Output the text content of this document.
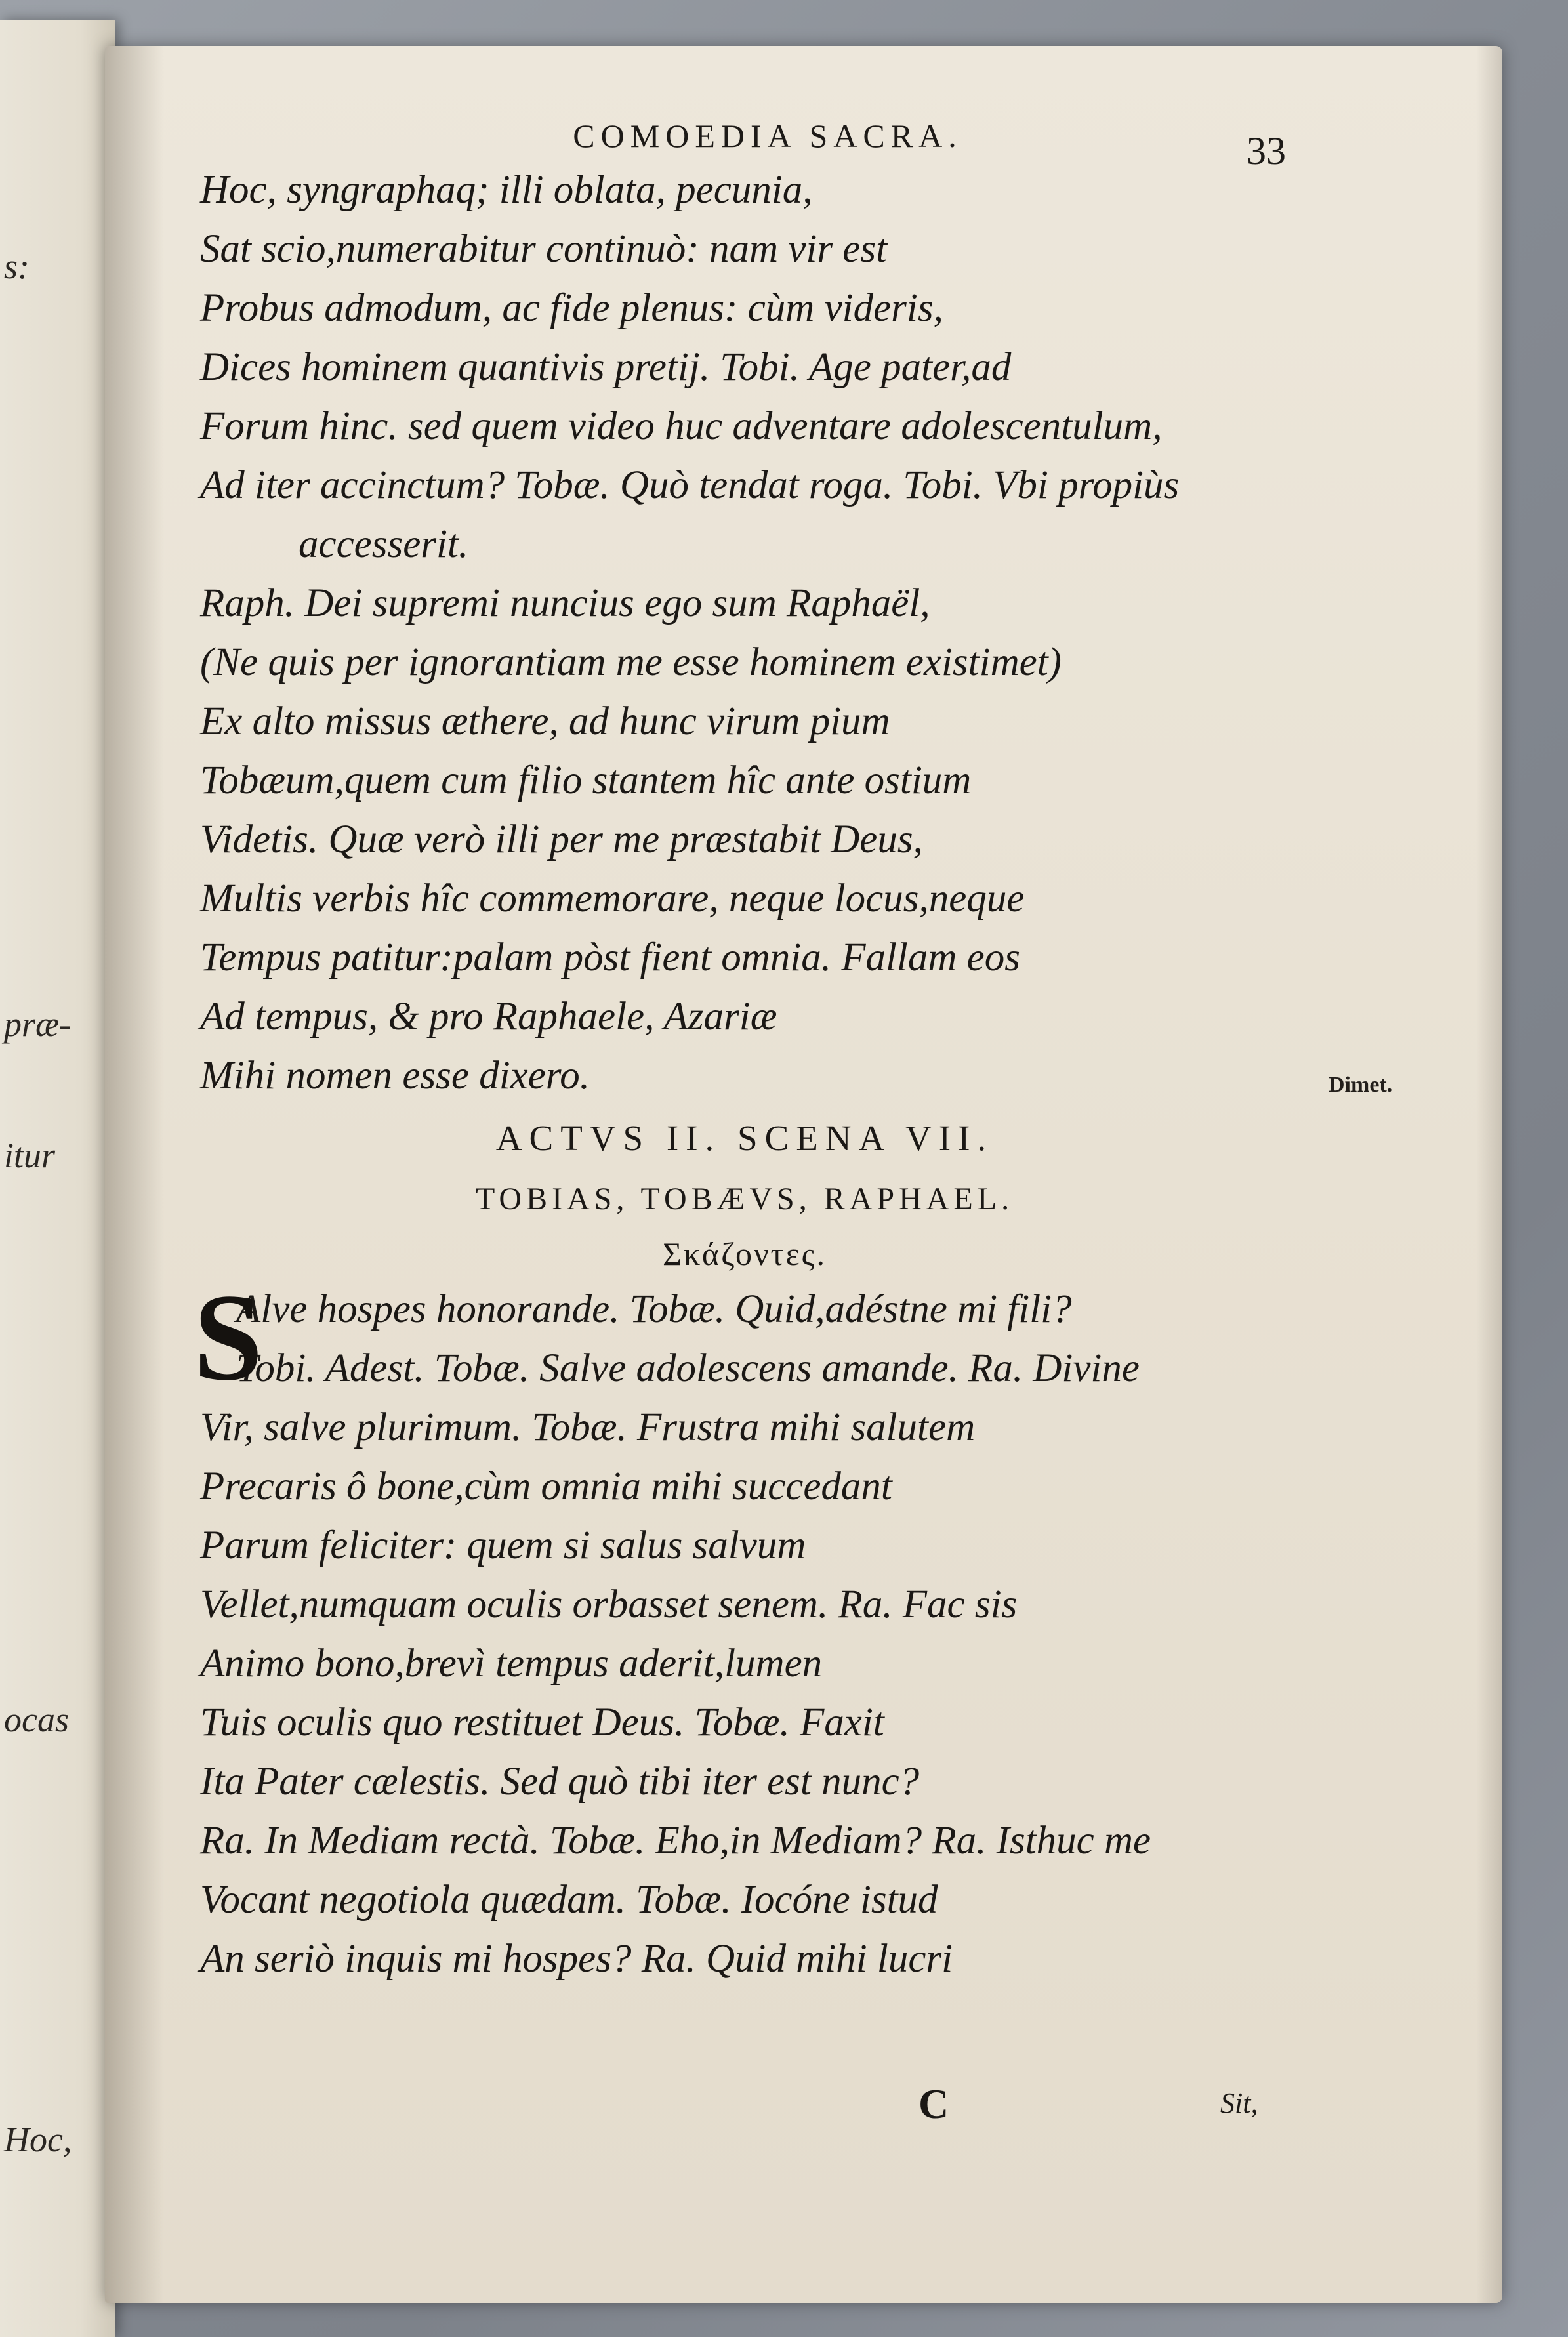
s:
præ-
itur
ocas
Hoc,
COMOEDIA SACRA.	33
Hoc, syngraphaq; illi oblata, pecunia,
Sat scio,numerabitur continuò: nam vir est
Probus admodum, ac fide plenus: cùm videris,
Dices hominem quantivis pretij. Tobi. Age pater,ad
Forum hinc. sed quem video huc adventare adolescentulum,
Ad iter accinctum? Tobæ. Quò tendat roga. Tobi. Vbi propiùs
accesserit.
Raph. Dei supremi nuncius ego sum Raphaël,
(Ne quis per ignorantiam me esse hominem existimet)
Ex alto missus æthere, ad hunc virum pium
Tobæum,quem cum filio stantem hîc ante ostium
Videtis. Quæ verò illi per me præstabit Deus,
Multis verbis hîc commemorare, neque locus,neque
Tempus patitur:palam pòst fient omnia. Fallam eos
Ad tempus, & pro Raphaele, Azariæ
Mihi nomen esse dixero.
ACTVS II. SCENA VII.
TOBIAS, TOBÆVS, RAPHAEL.
Σκάζοντες.
S
Alve hospes honorande. Tobæ. Quid,adéstne mi fili?
Tobi. Adest. Tobæ. Salve adolescens amande. Ra. Divine
Vir, salve plurimum. Tobæ. Frustra mihi salutem
Precaris ô bone,cùm omnia mihi succedant
Parum feliciter: quem si salus salvum
Vellet,numquam oculis orbasset senem. Ra. Fac sis
Animo bono,brevì tempus aderit,lumen
Tuis oculis quo restituet Deus. Tobæ. Faxit
Ita Pater cælestis. Sed quò tibi iter est nunc?
Ra. In Mediam rectà. Tobæ. Eho,in Mediam? Ra. Isthuc me
Vocant negotiola quædam. Tobæ. Iocóne istud
An seriò inquis mi hospes? Ra. Quid mihi lucri
Dimet.
C	Sit,
